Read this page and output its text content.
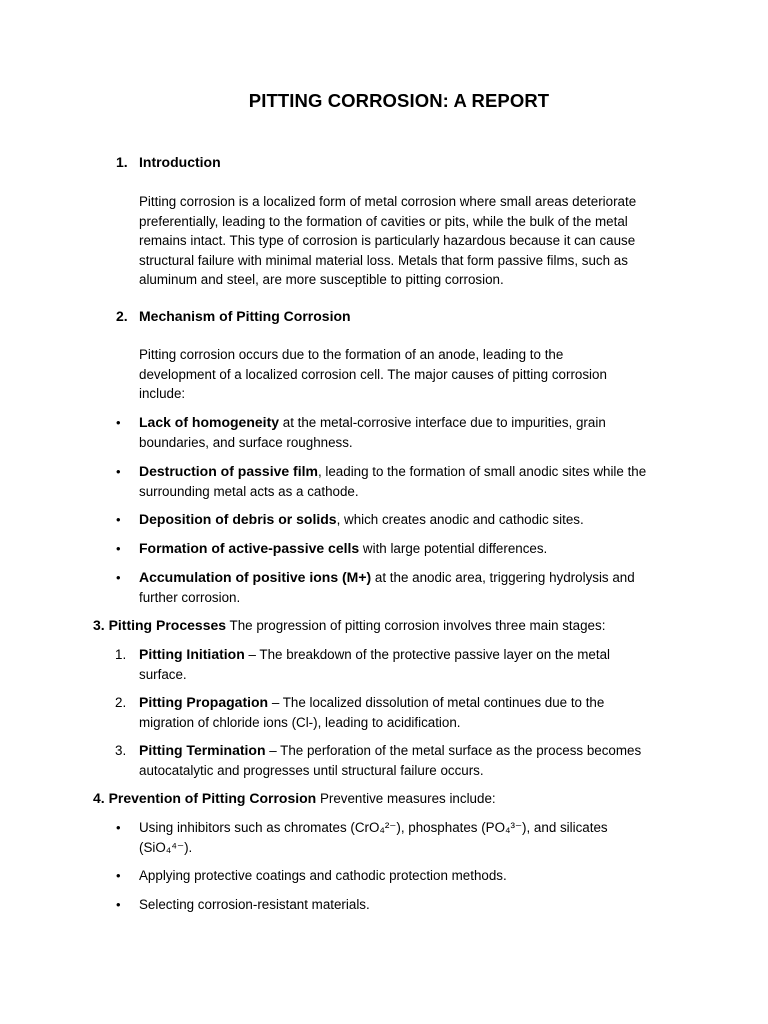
PITTING CORROSION: A REPORT
1. Introduction
Pitting corrosion is a localized form of metal corrosion where small areas deteriorate
preferentially, leading to the formation of cavities or pits, while the bulk of the metal
remains intact. This type of corrosion is particularly hazardous because it can cause
structural failure with minimal material loss. Metals that form passive films, such as
aluminum and steel, are more susceptible to pitting corrosion.
2. Mechanism of Pitting Corrosion
Pitting corrosion occurs due to the formation of an anode, leading to the
development of a localized corrosion cell. The major causes of pitting corrosion
include:
• Lack of homogeneity at the metal-corrosive interface due to impurities, grain
boundaries, and surface roughness.
• Destruction of passive film, leading to the formation of small anodic sites while the
surrounding metal acts as a cathode.
• Deposition of debris or solids, which creates anodic and cathodic sites.
• Formation of active-passive cells with large potential differences.
• Accumulation of positive ions (M+) at the anodic area, triggering hydrolysis and
further corrosion.
3. Pitting Processes The progression of pitting corrosion involves three main stages:
1. Pitting Initiation – The breakdown of the protective passive layer on the metal
surface.
2. Pitting Propagation – The localized dissolution of metal continues due to the
migration of chloride ions (Cl-), leading to acidification.
3. Pitting Termination – The perforation of the metal surface as the process becomes
autocatalytic and progresses until structural failure occurs.
4. Prevention of Pitting Corrosion Preventive measures include:
• Using inhibitors such as chromates (CrO₄²⁻), phosphates (PO₄³⁻), and silicates
(SiO₄⁴⁻).
• Applying protective coatings and cathodic protection methods.
• Selecting corrosion-resistant materials.
